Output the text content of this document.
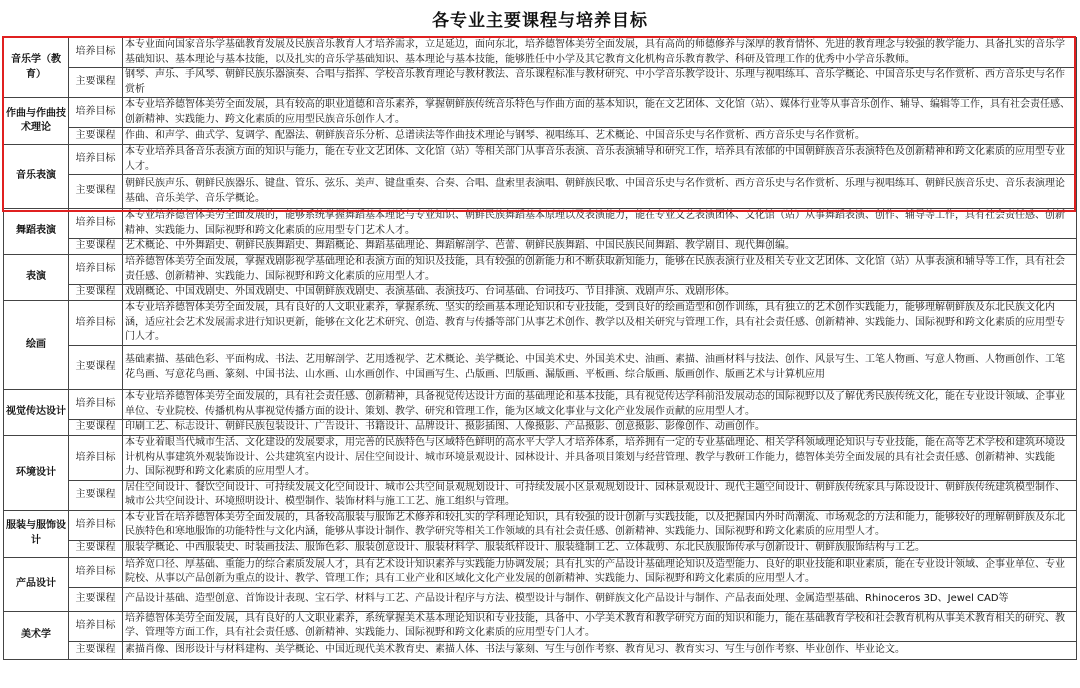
各专业主要课程与培养目标
音乐学（教育）	培养目标	本专业面向国家音乐学基础教育发展及民族音乐教育人才培养需求，立足延边，面向东北，培养德智体美劳全面发展，具有高尚的师德修养与深厚的教育情怀、先进的教育理念与较强的教学能力、具备扎实的音乐学基础知识、基本理论与基本技能，以及扎实的音乐学基础知识、基本理论与基本技能，能够胜任中小学及其它教育文化机构音乐教育教学、科研及管理工作的优秀中小学音乐教师。
	主要课程	钢琴、声乐、手风琴、朝鲜民族乐器演奏、合唱与指挥、学校音乐教育理论与教材教法、音乐课程标准与教材研究、中小学音乐教学设计、乐理与视唱练耳、音乐学概论、中国音乐史与名作赏析、西方音乐史与名作赏析
作曲与作曲技术理论	培养目标	本专业培养德智体美劳全面发展，具有较高的职业道德和音乐素养，掌握朝鲜族传统音乐特色与作曲方面的基本知识，能在文艺团体、文化馆（站）、媒体行业等从事音乐创作、辅导、编辑等工作，具有社会责任感、创新精神、实践能力、跨文化素质的应用型民族音乐创作人才。
	主要课程	作曲、和声学、曲式学、复调学、配器法、朝鲜族音乐分析、总谱读法等作曲技术理论与钢琴、视唱练耳、艺术概论、中国音乐史与名作赏析、西方音乐史与名作赏析。
音乐表演	培养目标	本专业培养具备音乐表演方面的知识与能力，能在专业文艺团体、文化馆（站）等相关部门从事音乐表演、音乐表演辅导和研究工作，培养具有浓郁的中国朝鲜族音乐表演特色及创新精神和跨文化素质的应用型专业人才。
	主要课程	朝鲜民族声乐、朝鲜民族器乐、键盘、管乐、弦乐、美声、键盘重奏、合奏、合唱、盘索里表演唱、朝鲜族民歌、中国音乐史与名作赏析、西方音乐史与名作赏析、乐理与视唱练耳、朝鲜民族音乐史、音乐表演理论基础、音乐美学、音乐学概论。
舞蹈表演	培养目标	本专业培养德智体美劳全面发展的，能够系统掌握舞蹈基本理论与专业知识、朝鲜民族舞蹈基本原理以及表演能力，能在专业文艺表演团体、文化馆（站）从事舞蹈表演、创作、辅导等工作，具有社会责任感、创新精神、实践能力、国际视野和跨文化素质的应用型专门艺术人才。
	主要课程	艺术概论、中外舞蹈史、朝鲜民族舞蹈史、舞蹈概论、舞蹈基础理论、舞蹈解剖学、芭蕾、朝鲜民族舞蹈、中国民族民间舞蹈、教学剧目、现代舞创编。
表演	培养目标	培养德智体美劳全面发展，掌握戏剧影视学基础理论和表演方面的知识及技能，具有较强的创新能力和不断获取新知能力，能够在民族表演行业及相关专业文艺团体、文化馆（站）从事表演和辅导等工作，具有社会责任感、创新精神、实践能力、国际视野和跨文化素质的应用型人才。
	主要课程	戏剧概论、中国戏剧史、外国戏剧史、中国朝鲜族戏剧史、表演基础、表演技巧、台词基础、台词技巧、节目排演、戏剧声乐、戏剧形体。
绘画	培养目标	本专业培养德智体美劳全面发展，具有良好的人文职业素养，掌握系统、坚实的绘画基本理论知识和专业技能，受到良好的绘画造型和创作训练，具有独立的艺术创作实践能力，能够理解朝鲜族及东北民族文化内涵，适应社会艺术发展需求进行知识更新，能够在文化艺术研究、创造、教育与传播等部门从事艺术创作、教学以及相关研究与管理工作，具有社会责任感、创新精神、实践能力、国际视野和跨文化素质的应用型专门人才。
	主要课程	基础素描、基础色彩、平面构成、书法、艺用解剖学、艺用透视学、艺术概论、美学概论、中国美术史、外国美术史、油画、素描、油画材料与技法、创作、风景写生、工笔人物画、写意人物画、人物画创作、工笔花鸟画、写意花鸟画、篆刻、中国书法、山水画、山水画创作、中国画写生、凸版画、凹版画、漏版画、平板画、综合版画、版画创作、版画艺术与计算机应用
视觉传达设计	培养目标	本专业培养德智体美劳全面发展的，具有社会责任感、创新精神，具备视觉传达设计方面的基础理论和基本技能，具有视觉传达学科前沿发展动态的国际视野以及了解优秀民族传统文化，能在专业设计领域、企事业单位、专业院校、传播机构从事视觉传播方面的设计、策划、教学、研究和管理工作，能为区域文化事业与文化产业发展作贡献的应用型人才。
	主要课程	印刷工艺、标志设计、朝鲜民族包装设计、广告设计、书籍设计、品牌设计、摄影插图、人像摄影、产品摄影、创意摄影、影像创作、动画创作。
环境设计	培养目标	本专业着眼当代城市生活、文化建设的发展要求，用完善的民族特色与区域特色鲜明的高水平大学人才培养体系，培养拥有一定的专业基础理论、相关学科领域理论知识与专业技能，能在高等艺术学校和建筑环境设计机构从事建筑外观装饰设计、公共建筑室内设计、居住空间设计、城市环境景观设计、园林设计、并具备项目策划与经营管理、教学与教研工作能力，德智体美劳全面发展的具有社会责任感、创新精神、实践能力、国际视野和跨文化素质的应用型人才。
	主要课程	居住空间设计、餐饮空间设计、可持续发展文化空间设计、城市公共空间景观规划设计、可持续发展小区景观规划设计、园林景观设计、现代主题空间设计、朝鲜族传统家具与陈设设计、朝鲜族传统建筑模型制作、城市公共空间设计、环境照明设计、模型制作、装饰材料与施工工艺、施工组织与管理。
服装与服饰设计	培养目标	本专业旨在培养德智体美劳全面发展的，具备较高服装与服饰艺术修养和较扎实的学科理论知识，具有较强的设计创新与实践技能，以及把握国内外时尚潮流、市场观念的方法和能力，能够较好的理解朝鲜族及东北民族特色和寒地服饰的功能特性与文化内涵，能够从事设计制作、教学研究等相关工作领域的具有社会责任感、创新精神、实践能力、国际视野和跨文化素质的应用型人才。
	主要课程	服装学概论、中西服装史、时装画技法、服饰色彩、服装创意设计、服装材料学、服装纸样设计、服装缝制工艺、立体裁剪、东北民族服饰传承与创新设计、朝鲜族服饰结构与工艺。
产品设计	培养目标	培养宽口径、厚基础、重能力的综合素质发展人才，具有艺术设计知识素养与实践能力协调发展；具有扎实的产品设计基础理论知识及造型能力、良好的职业技能和职业素质，能在专业设计领域、企事业单位、专业院校、从事以产品创新为重点的设计、教学、管理工作；具有工业产业和区域化文化产业发展的创新精神、实践能力、国际视野和跨文化素质的应用型人才。
	主要课程	产品设计基础、造型创意、首饰设计表现、宝石学、材料与工艺、产品设计程序与方法、模型设计与制作、朝鲜族文化产品设计与制作、产品表面处理、金属造型基础、Rhinoceros 3D、Jewel CAD等
美术学	培养目标	培养德智体美劳全面发展，具有良好的人文职业素养，系统掌握美术基本理论知识和专业技能，具备中、小学美术教育和教学研究方面的知识和能力，能在基础教育学校和社会教育机构从事美术教育相关的研究、教学、管理等方面工作，具有社会责任感、创新精神、实践能力、国际视野和跨文化素质的应用型专门人才。
	主要课程	素描肖像、图形设计与材料建构、美学概论、中国近现代美术教育史、素描人体、书法与篆刻、写生与创作考察、教育见习、教育实习、写生与创作考察、毕业创作、毕业论文。
